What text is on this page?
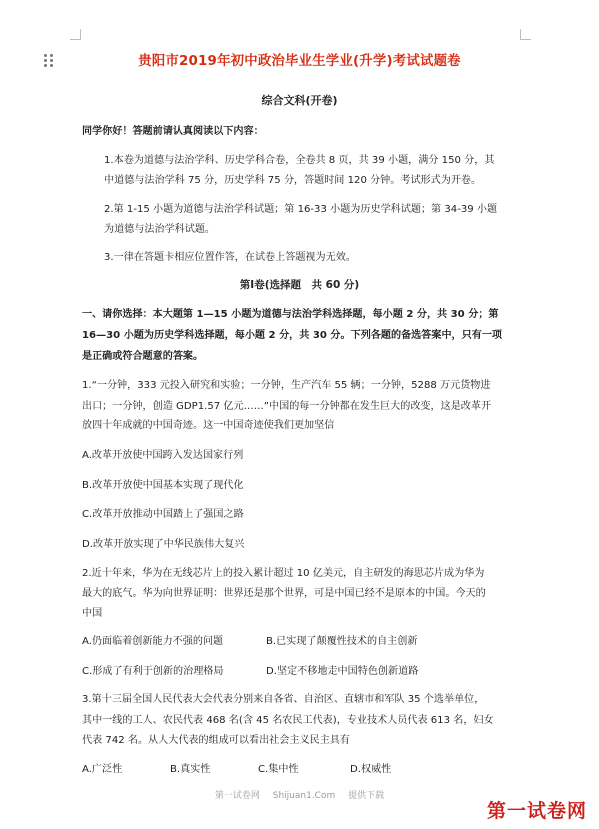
贵阳市2019年初中政治毕业生学业(升学)考试试题卷
综合文科(开卷)
同学你好！答题前请认真阅读以下内容：
1.本卷为道德与法治学科、历史学科合卷，全卷共 8 页，共 39 小题，满分 150 分，其
中道德与法治学科 75 分，历史学科 75 分，答题时间 120 分钟。考试形式为开卷。
2.第 1-15 小题为道德与法治学科试题；第 16-33 小题为历史学科试题；第 34-39 小题
为道德与法治学科试题。
3.一律在答题卡相应位置作答，在试卷上答题视为无效。
第Ⅰ卷(选择题　共 60 分)
一、请你选择：本大题第 1—15 小题为道德与法治学科选择题，每小题 2 分，共 30 分；第
16—30 小题为历史学科选择题，每小题 2 分，共 30 分。下列各题的备选答案中，只有一项
是正确或符合题意的答案。
1.“一分钟，333 元投入研究和实验；一分钟，生产汽车 55 辆；一分钟，5288 万元货物进
出口；一分钟，创造 GDP1.57 亿元……”中国的每一分钟都在发生巨大的改变，这是改革开
放四十年成就的中国奇迹。这一中国奇迹使我们更加坚信
A.改革开放使中国跨入发达国家行列
B.改革开放使中国基本实现了现代化
C.改革开放推动中国踏上了强国之路
D.改革开放实现了中华民族伟大复兴
2.近十年来，华为在无线芯片上的投入累计超过 10 亿美元，自主研发的海思芯片成为华为
最大的底气。华为向世界证明：世界还是那个世界，可是中国已经不是原本的中国。今天的
中国
A.仍面临着创新能力不强的问题	B.已实现了颠覆性技术的自主创新
C.形成了有利于创新的治理格局	D.坚定不移地走中国特色创新道路
3.第十三届全国人民代表大会代表分别来自各省、自治区、直辖市和军队 35 个选举单位，
其中一线的工人、农民代表 468 名(含 45 名农民工代表)，专业技术人员代表 613 名，妇女
代表 742 名。从人大代表的组成可以看出社会主义民主具有
A.广泛性	B.真实性	C.集中性	D.权威性
第一试卷网 Shijuan1.Com 提供下载
第一试卷网
